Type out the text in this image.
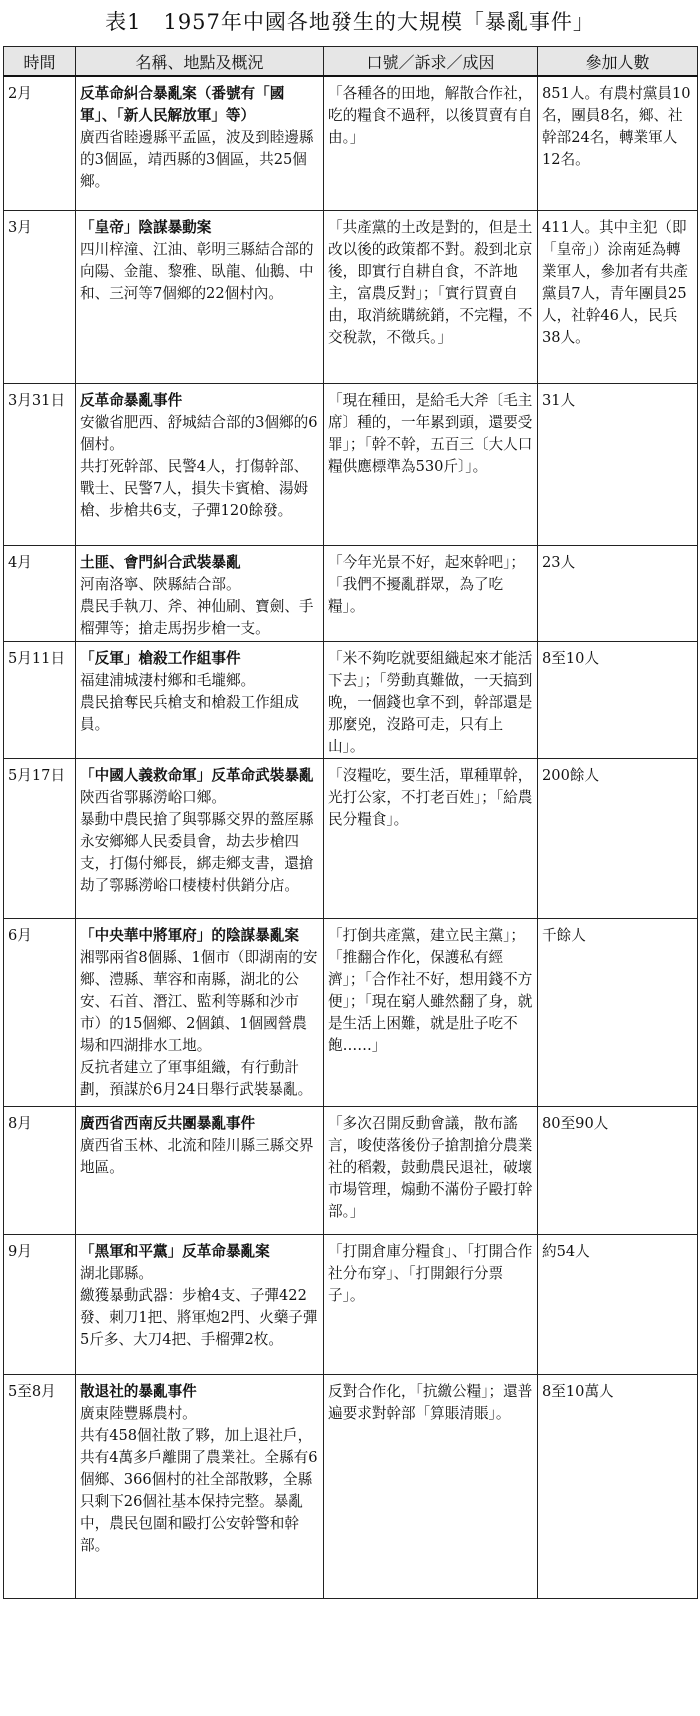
表1　1957年中國各地發生的大規模「暴亂事件」
時間	名稱、地點及概況	口號／訴求／成因	參加人數
2月	反革命糾合暴亂案（番號有「國軍」、「新人民解放軍」等）
廣西省睦邊縣平孟區，波及到睦邊縣的3個區，靖西縣的3個區，共25個鄉。	「各種各的田地，解散合作社，吃的糧食不過秤，以後買賣有自由。」	851人。有農村黨員10名，團員8名，鄉、社幹部24名，轉業軍人12名。
3月	「皇帝」陰謀暴動案
四川梓潼、江油、彰明三縣結合部的向陽、金龍、黎雅、臥龍、仙鵝、中和、三河等7個鄉的22個村內。	「共產黨的土改是對的，但是土改以後的政策都不對。殺到北京後，即實行自耕自食，不許地主，富農反對」；「實行買賣自由，取消統購統銷，不完糧，不交稅款，不徵兵。」	411人。其中主犯（即「皇帝」）涂南延為轉業軍人，參加者有共產黨員7人，青年團員25人，社幹46人，民兵38人。
3月31日	反革命暴亂事件
安徽省肥西、舒城結合部的3個鄉的6個村。
共打死幹部、民警4人，打傷幹部、戰士、民警7人，損失卡賓槍、湯姆槍、步槍共6支，子彈120餘發。	「現在種田，是給毛大斧〔毛主席〕種的，一年累到頭，還要受罪」；「幹不幹，五百三〔大人口糧供應標準為530斤〕」。	31人
4月	土匪、會門糾合武裝暴亂
河南洛寧、陝縣結合部。
農民手執刀、斧、神仙刷、寶劍、手榴彈等；搶走馬拐步槍一支。	「今年光景不好，起來幹吧」；「我們不擾亂群眾，為了吃糧」。	23人
5月11日	「反軍」槍殺工作組事件
福建浦城淒村鄉和毛壠鄉。
農民搶奪民兵槍支和槍殺工作組成員。	「米不夠吃就要組織起來才能活下去」；「勞動真難做，一天搞到晚，一個錢也拿不到，幹部還是那麼兇，沒路可走，只有上山」。	8至10人
5月17日	「中國人義救命軍」反革命武裝暴亂
陝西省鄠縣澇峪口鄉。
暴動中農民搶了與鄠縣交界的盩厔縣永安鄉鄉人民委員會，劫去步槍四支，打傷付鄉長，綁走鄉支書，還搶劫了鄠縣澇峪口棲棲村供銷分店。	「沒糧吃，要生活，單種單幹，光打公家，不打老百姓」；「給農民分糧食」。	200餘人
6月	「中央華中將軍府」的陰謀暴亂案
湘鄂兩省8個縣、1個市（即湖南的安鄉、澧縣、華容和南縣，湖北的公安、石首、潛江、監利等縣和沙市市）的15個鄉、2個鎮、1個國營農場和四湖排水工地。
反抗者建立了軍事組織，有行動計劃，預謀於6月24日舉行武裝暴亂。	「打倒共產黨，建立民主黨」；「推翻合作化，保護私有經濟」；「合作社不好，想用錢不方便」；「現在窮人雖然翻了身，就是生活上困難，就是肚子吃不飽……」	千餘人
8月	廣西省西南反共團暴亂事件
廣西省玉林、北流和陸川縣三縣交界地區。	「多次召開反動會議，散布謠言，唆使落後份子搶割搶分農業社的稻穀，鼓動農民退社，破壞市場管理，煽動不滿份子毆打幹部。」	80至90人
9月	「黑軍和平黨」反革命暴亂案
湖北鄖縣。
繳獲暴動武器：步槍4支、子彈422發、刺刀1把、將軍炮2門、火藥子彈5斤多、大刀4把、手榴彈2枚。	「打開倉庫分糧食」、「打開合作社分布穿」、「打開銀行分票子」。	約54人
5至8月	散退社的暴亂事件
廣東陸豐縣農村。
共有458個社散了夥，加上退社戶，共有4萬多戶離開了農業社。全縣有6個鄉、366個村的社全部散夥，全縣只剩下26個社基本保持完整。暴亂中，農民包圍和毆打公安幹警和幹部。	反對合作化，「抗繳公糧」；還普遍要求對幹部「算賬清賬」。	8至10萬人
